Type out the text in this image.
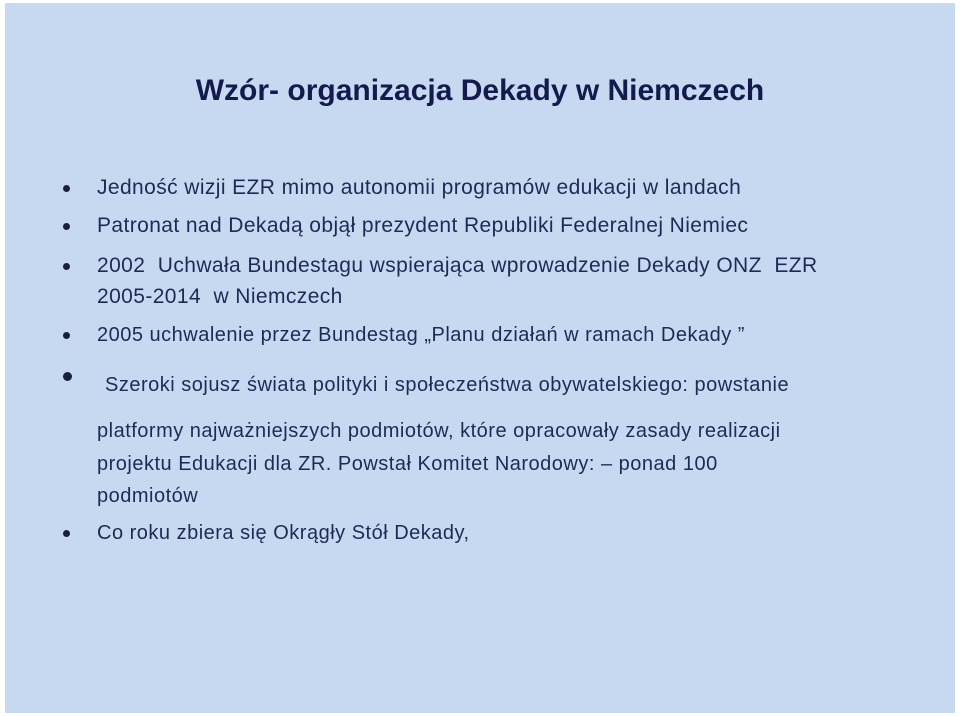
Wzór- organizacja Dekady w Niemczech
Jedność wizji EZR mimo autonomii programów edukacji w landach
Patronat nad Dekadą objął prezydent Republiki Federalnej Niemiec
2002  Uchwała Bundestagu wspierająca wprowadzenie Dekady ONZ  EZR
2005-2014  w Niemczech
2005 uchwalenie przez Bundestag „Planu działań w ramach Dekady ”
Szeroki sojusz świata polityki i społeczeństwa obywatelskiego: powstanie
platformy najważniejszych podmiotów, które opracowały zasady realizacji
projektu Edukacji dla ZR. Powstał Komitet Narodowy: – ponad 100
podmiotów
Co roku zbiera się Okrągły Stół Dekady,
